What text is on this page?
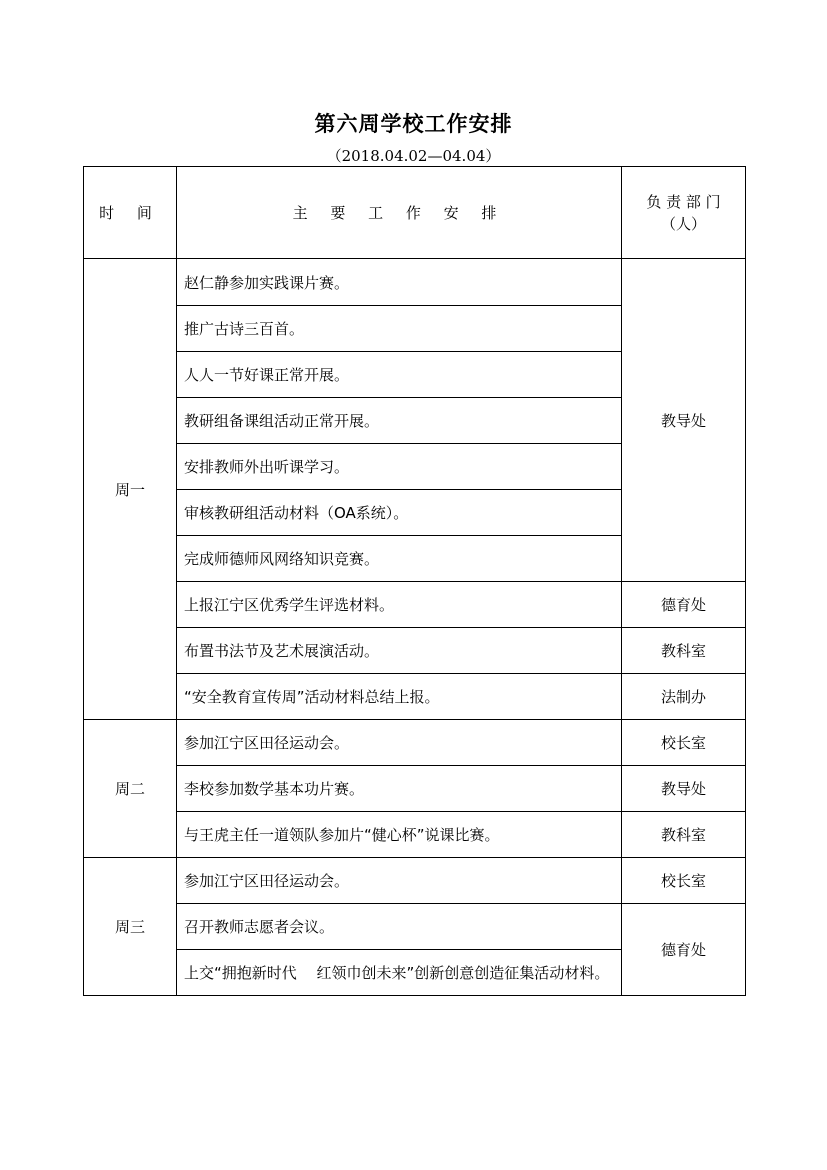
第六周学校工作安排
（2018.04.02—04.04）
时 间	主 要 工 作 安 排	负 责 部 门
（人）

周一	赵仁静参加实践课片赛。	教导处
	推广古诗三百首。	
	人人一节好课正常开展。	
	教研组备课组活动正常开展。	
	安排教师外出听课学习。	
	审核教研组活动材料（OA系统）。	
	完成师德师风网络知识竞赛。	
	上报江宁区优秀学生评选材料。	德育处
	布置书法节及艺术展演活动。	教科室
	“安全教育宣传周”活动材料总结上报。	法制办
周二	参加江宁区田径运动会。	校长室
	李校参加数学基本功片赛。	教导处
	与王虎主任一道领队参加片“健心杯”说课比赛。	教科室
周三	参加江宁区田径运动会。	校长室
	召开教师志愿者会议。	德育处
	上交“拥抱新时代　 红领巾创未来”创新创意创造征集活动材料。	
